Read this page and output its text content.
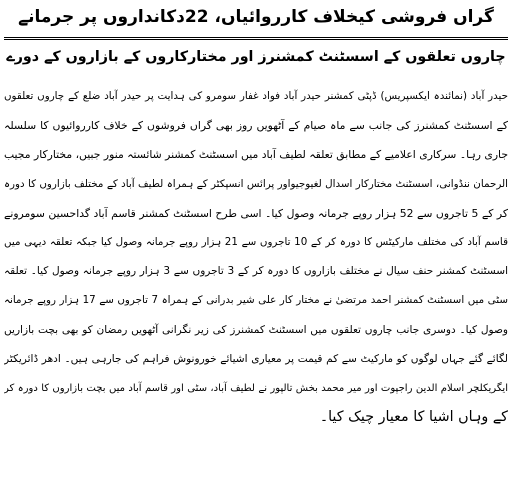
گراں فروشی کیخلاف کارروائیاں، 22دکانداروں پر جرمانے
چاروں تعلقوں کے اسسٹنٹ کمشنرز اور مختارکاروں کے بازاروں کے دورے
حیدر آباد (نمائندہ ایکسپریس) ڈپٹی کمشنر حیدر آباد فواد غفار سومرو کی ہدایت پر حیدر آباد ضلع کے چاروں تعلقوں
کے اسسٹنٹ کمشنرز کی جانب سے ماہ صیام کے آٹھویں روز بھی گراں فروشوں کے خلاف کارروائیوں کا سلسلہ
جاری رہا۔ سرکاری اعلامیے کے مطابق تعلقہ لطیف آباد میں اسسٹنٹ کمشنر شائستہ منور جبیں، مختارکار مجیب
الرحمان ننڈوانی، اسسٹنٹ مختارکار اسدال لغیوجیواور پرائس انسپکٹر کے ہمراہ لطیف آباد کے مختلف بازاروں کا دورہ
کر کے 5 تاجروں سے 52 ہزار روپے جرمانہ وصول کیا۔ اسی طرح اسسٹنٹ کمشنر قاسم آباد گداحسین سومرونے
قاسم آباد کی مختلف مارکیٹس کا دورہ کر کے 10 تاجروں سے 21 ہزار روپے جرمانہ وصول کیا جبکہ تعلقہ دیہی میں
اسسٹنٹ کمشنر حنف سیال نے مختلف بازاروں کا دورہ کر کے 3 تاجروں سے 3 ہزار روپے جرمانہ وصول کیا۔ تعلقہ
سٹی میں اسسٹنٹ کمشنر احمد مرتضیٰ نے مختار کار علی شیر بدرانی کے ہمراہ 7 تاجروں سے 17 ہزار روپے جرمانہ
وصول کیا۔ دوسری جانب چاروں تعلقوں میں اسسٹنٹ کمشنرز کی زیر نگرانی آٹھویں رمضان کو بھی بچت بازاریں
لگائے گئے جہاں لوگوں کو مارکیٹ سے کم قیمت پر معیاری اشیائے خورونوش فراہم کی جارہی ہیں۔ ادھر ڈائریکٹر
ایگریکلچر اسلام الدین راجپوت اور میر محمد بخش تالپور نے لطیف آباد، سٹی اور قاسم آباد میں بچت بازاروں کا دورہ کر
کے وہاں اشیا کا معیار چیک کیا۔
